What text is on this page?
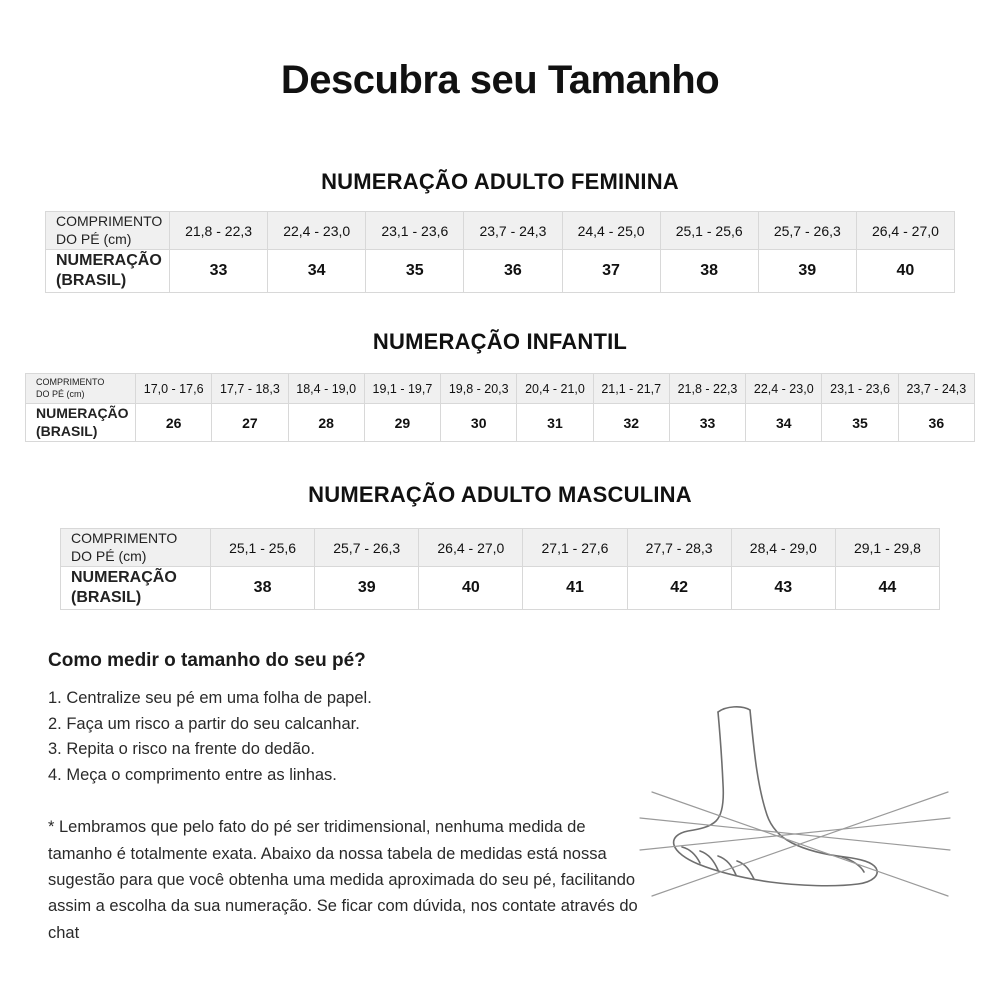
Descubra seu Tamanho
NUMERAÇÃO ADULTO FEMININA
COMPRIMENTO
DO PÉ (cm)	21,8 - 22,3	22,4 - 23,0	23,1 - 23,6	23,7 - 24,3	24,4 - 25,0	25,1 - 25,6	25,7 - 26,3	26,4 - 27,0
NUMERAÇÃO
(BRASIL)	33	34	35	36	37	38	39	40
NUMERAÇÃO INFANTIL
COMPRIMENTO
DO PÉ (cm)	17,0 - 17,6	17,7 - 18,3	18,4 - 19,0	19,1 - 19,7	19,8 - 20,3	20,4 - 21,0	21,1 - 21,7	21,8 - 22,3	22,4 - 23,0	23,1 - 23,6	23,7 - 24,3
NUMERAÇÃO
(BRASIL)	26	27	28	29	30	31	32	33	34	35	36
NUMERAÇÃO ADULTO MASCULINA
COMPRIMENTO
DO PÉ (cm)	25,1 - 25,6	25,7 - 26,3	26,4 - 27,0	27,1 - 27,6	27,7 - 28,3	28,4 - 29,0	29,1 - 29,8
NUMERAÇÃO
(BRASIL)	38	39	40	41	42	43	44
Como medir o tamanho do seu pé?
1. Centralize seu pé em uma folha de papel.
2. Faça um risco a partir do seu calcanhar.
3. Repita o risco na frente do dedão.
4. Meça o comprimento entre as linhas.

* Lembramos que pelo fato do pé ser tridimensional, nenhuma medida de tamanho é totalmente exata. Abaixo da nossa tabela de medidas está nossa sugestão para que você obtenha uma medida aproximada do seu pé, facilitando assim a escolha da sua numeração. Se ficar com dúvida, nos contate através do chat
